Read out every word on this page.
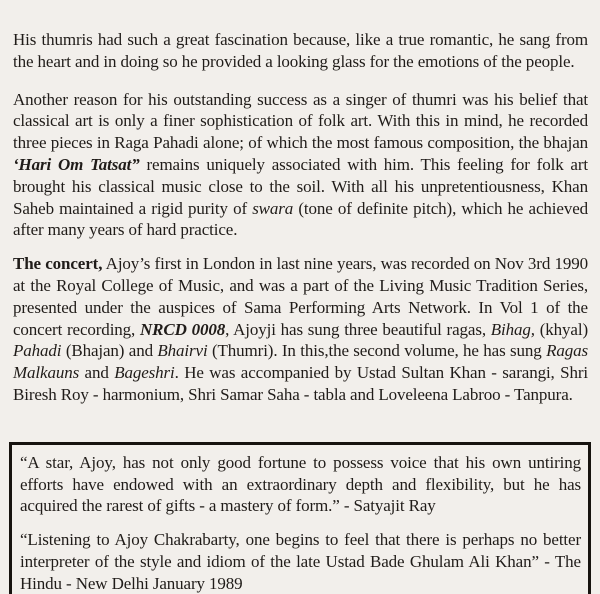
His thumris had such a great fascination because, like a true romantic, he sang from the heart and in doing so he provided a looking glass for the emotions of the people.

Another reason for his outstanding success as a singer of thumri was his belief that classical art is only a finer sophistication of folk art. With this in mind, he recorded three pieces in Raga Pahadi alone; of which the most famous composition, the bhajan ‘Hari Om Tatsat” remains uniquely associated with him. This feeling for folk art brought his classical music close to the soil. With all his unpretentiousness, Khan Saheb maintained a rigid purity of swara (tone of definite pitch), which he achieved after many years of hard practice.

The concert, Ajoy’s first in London in last nine years, was recorded on Nov 3rd 1990 at the Royal College of Music, and was a part of the Living Music Tradition Series, presented under the auspices of Sama Performing Arts Network. In Vol 1 of the concert recording, NRCD 0008, Ajoyji has sung three beautiful ragas, Bihag, (khyal) Pahadi (Bhajan) and Bhairvi (Thumri). In this,the second volume, he has sung Ragas Malkauns and Bageshri. He was accompanied by Ustad Sultan Khan - sarangi, Shri Biresh Roy - harmonium, Shri Samar Saha - tabla and Loveleena Labroo - Tanpura.

“A star, Ajoy, has not only good fortune to possess voice that his own untiring efforts have endowed with an extraordinary depth and flexibility, but he has acquired the rarest of gifts - a mastery of form.” - Satyajit Ray

“Listening to Ajoy Chakrabarty, one begins to feel that there is perhaps no better interpreter of the style and idiom of the late Ustad Bade Ghulam Ali Khan” - The Hindu - New Delhi January 1989
